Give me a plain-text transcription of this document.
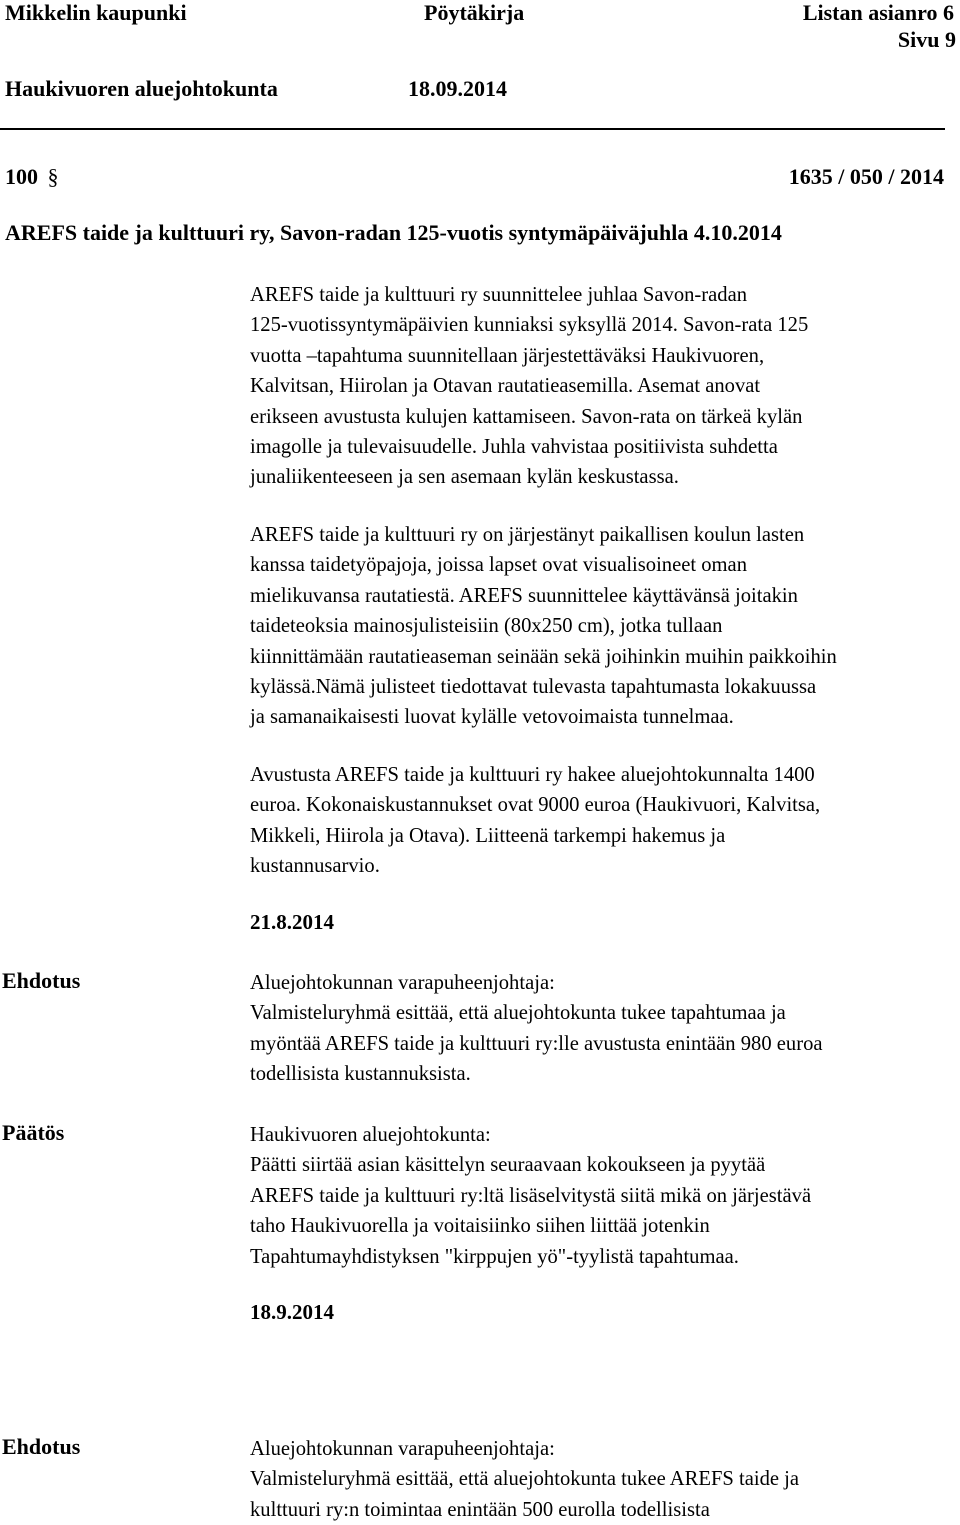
Mikkelin kaupunki	Pöytäkirja	Listan asianro 6
Sivu 9
Haukivuoren aluejohtokunta	18.09.2014
100 §	1635 / 050 / 2014
AREFS taide ja kulttuuri ry, Savon-radan 125-vuotis syntymäpäiväjuhla 4.10.2014
AREFS taide ja kulttuuri ry suunnittelee juhlaa Savon-radan
125-vuotissyntymäpäivien kunniaksi syksyllä 2014. Savon-rata 125
vuotta –tapahtuma suunnitellaan järjestettäväksi Haukivuoren,
Kalvitsan, Hiirolan ja Otavan rautatieasemilla. Asemat anovat
erikseen avustusta kulujen kattamiseen. Savon-rata on tärkeä kylän
imagolle ja tulevaisuudelle. Juhla vahvistaa positiivista suhdetta
junaliikenteeseen ja sen asemaan kylän keskustassa.
AREFS taide ja kulttuuri ry on järjestänyt paikallisen koulun lasten
kanssa taidetyöpajoja, joissa lapset ovat visualisoineet oman
mielikuvansa rautatiestä. AREFS suunnittelee käyttävänsä joitakin
taideteoksia mainosjulisteisiin (80x250 cm), jotka tullaan
kiinnittämään rautatieaseman seinään sekä joihinkin muihin paikkoihin
kylässä.Nämä julisteet tiedottavat tulevasta tapahtumasta lokakuussa
ja samanaikaisesti luovat kylälle vetovoimaista tunnelmaa.
Avustusta AREFS taide ja kulttuuri ry hakee aluejohtokunnalta 1400
euroa. Kokonaiskustannukset ovat 9000 euroa (Haukivuori, Kalvitsa,
Mikkeli, Hiirola ja Otava). Liitteenä tarkempi hakemus ja
kustannusarvio.
21.8.2014
Ehdotus	Aluejohtokunnan varapuheenjohtaja:
Valmisteluryhmä esittää, että aluejohtokunta tukee tapahtumaa ja
myöntää AREFS taide ja kulttuuri ry:lle avustusta enintään 980 euroa
todellisista kustannuksista.
Päätös	Haukivuoren aluejohtokunta:
Päätti siirtää asian käsittelyn seuraavaan kokoukseen ja pyytää
AREFS taide ja kulttuuri ry:ltä lisäselvitystä siitä mikä on järjestävä
taho Haukivuorella ja voitaisiinko siihen liittää jotenkin
Tapahtumayhdistyksen "kirppujen yö"-tyylistä tapahtumaa.
18.9.2014
Ehdotus	Aluejohtokunnan varapuheenjohtaja:
Valmisteluryhmä esittää, että aluejohtokunta tukee AREFS taide ja
kulttuuri ry:n toimintaa enintään 500 eurolla todellisista
